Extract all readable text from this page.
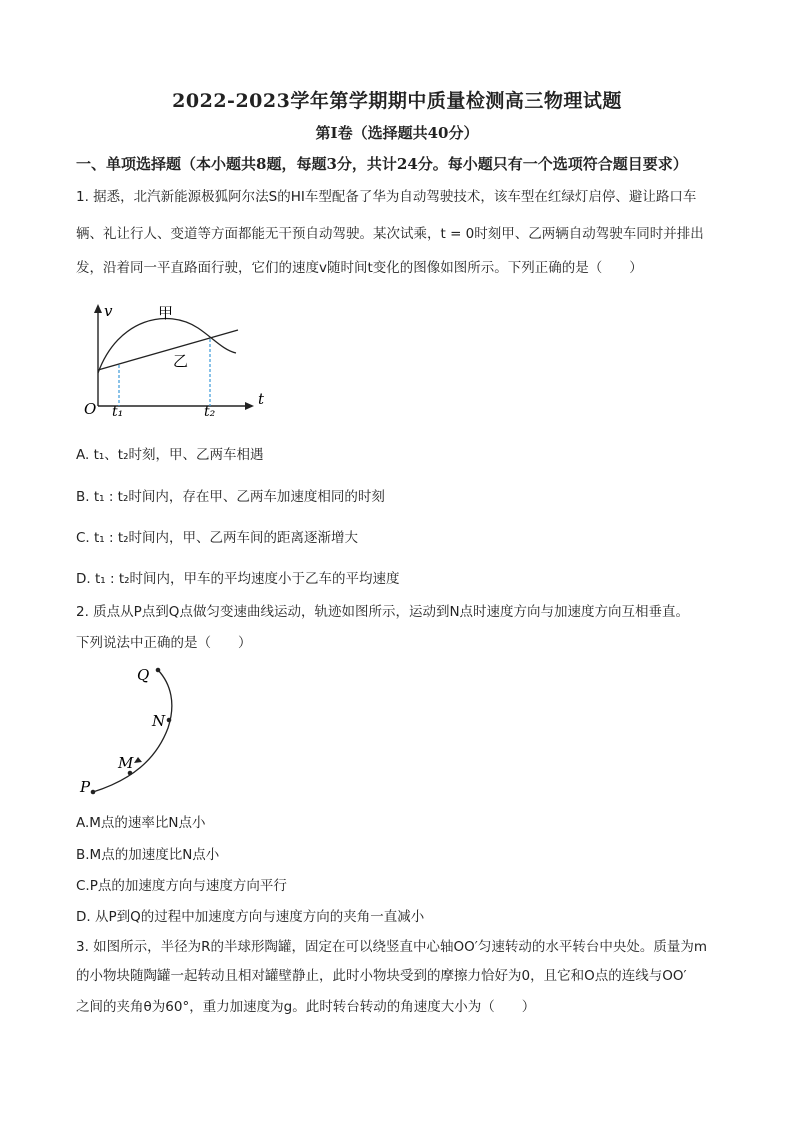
2022-2023学年第学期期中质量检测高三物理试题
第Ⅰ卷（选择题共40分）
一、单项选择题（本小题共8题，每题3分，共计24分。每小题只有一个选项符合题目要求）
1. 据悉，北汽新能源极狐阿尔法S的HI车型配备了华为自动驾驶技术，该车型在红绿灯启停、避让路口车
辆、礼让行人、变道等方面都能无干预自动驾驶。某次试乘，t = 0时刻甲、乙两辆自动驾驶车同时并排出
发，沿着同一平直路面行驶，它们的速度v随时间t变化的图像如图所示。下列正确的是（　　）
v
t
O t₁	t₂
甲
乙
A. t₁、t₂时刻，甲、乙两车相遇
B. t₁ : t₂时间内，存在甲、乙两车加速度相同的时刻
C. t₁ : t₂时间内，甲、乙两车间的距离逐渐增大
D. t₁ : t₂时间内，甲车的平均速度小于乙车的平均速度
2. 质点从P点到Q点做匀变速曲线运动，轨迹如图所示，运动到N点时速度方向与加速度方向互相垂直。
下列说法中正确的是（　　）
P
M
N
Q
A.M点的速率比N点小
B.M点的加速度比N点小
C.P点的加速度方向与速度方向平行
D. 从P到Q的过程中加速度方向与速度方向的夹角一直减小
3. 如图所示，半径为R的半球形陶罐，固定在可以绕竖直中心轴OO′匀速转动的水平转台中央处。质量为m
的小物块随陶罐一起转动且相对罐壁静止，此时小物块受到的摩擦力恰好为0，且它和O点的连线与OO′
之间的夹角θ为60°，重力加速度为g。此时转台转动的角速度大小为（　　）
